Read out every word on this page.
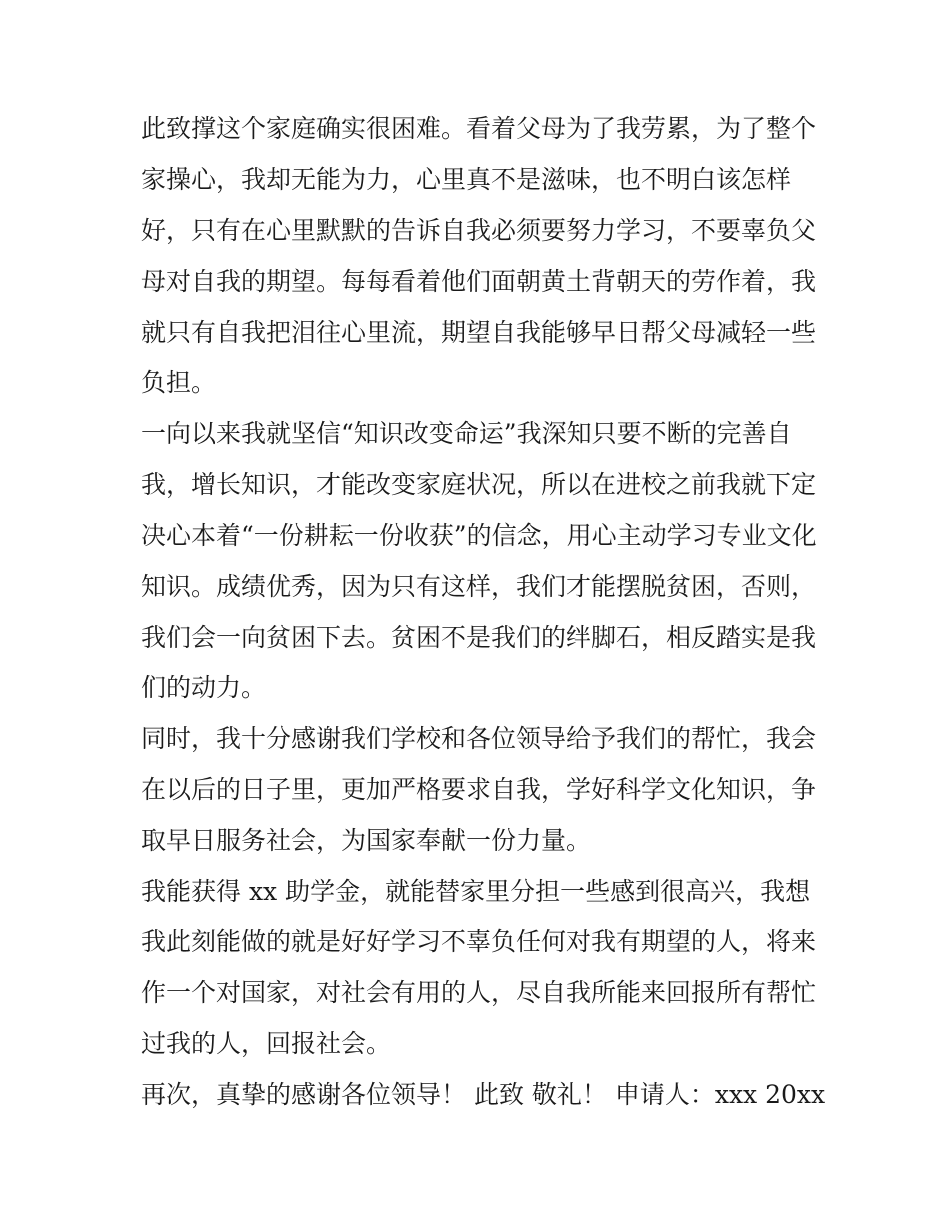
此致撑这个家庭确实很困难。看着父母为了我劳累，为了整个

家操心，我却无能为力，心里真不是滋味，也不明白该怎样

好，只有在心里默默的告诉自我必须要努力学习，不要辜负父

母对自我的期望。每每看着他们面朝黄土背朝天的劳作着，我

就只有自我把泪往心里流，期望自我能够早日帮父母减轻一些

负担。

一向以来我就坚信“知识改变命运”我深知只要不断的完善自

我，增长知识，才能改变家庭状况，所以在进校之前我就下定

决心本着“一份耕耘一份收获”的信念，用心主动学习专业文化

知识。成绩优秀，因为只有这样，我们才能摆脱贫困，否则，

我们会一向贫困下去。贫困不是我们的绊脚石，相反踏实是我

们的动力。

同时，我十分感谢我们学校和各位领导给予我们的帮忙，我会

在以后的日子里，更加严格要求自我，学好科学文化知识，争

取早日服务社会，为国家奉献一份力量。

我能获得 xx 助学金，就能替家里分担一些感到很高兴，我想

我此刻能做的就是好好学习不辜负任何对我有期望的人，将来

作一个对国家，对社会有用的人，尽自我所能来回报所有帮忙

过我的人，回报社会。

再次，真挚的感谢各位领导！ 此致 敬礼！ 申请人：xxx 20xx
